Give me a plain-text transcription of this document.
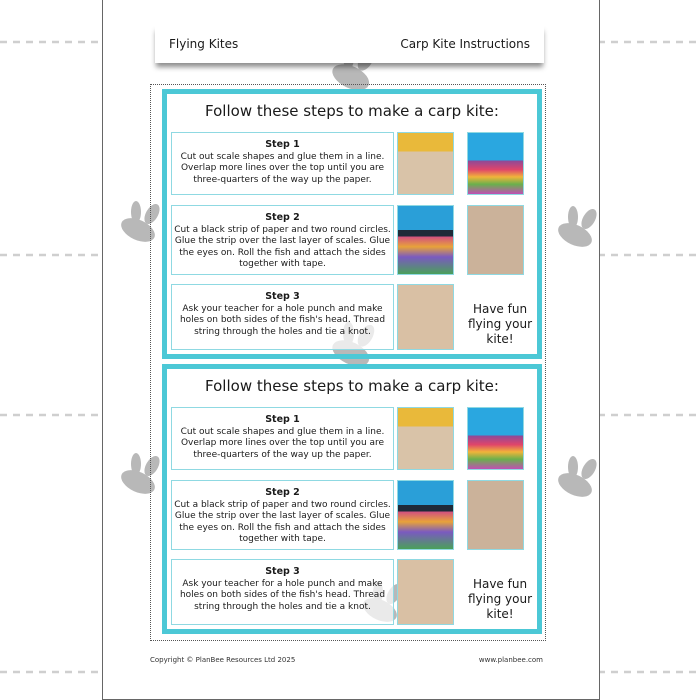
Flying Kites	Carp Kite Instructions
Follow these steps to make a carp kite:
Step 1
Cut out scale shapes and glue them in a line. Overlap more lines over the top until you are three-quarters of the way up the paper.
Step 2
Cut a black strip of paper and two round circles. Glue the strip over the last layer of scales. Glue the eyes on. Roll the fish and attach the sides together with tape.
Step 3
Ask your teacher for a hole punch and make holes on both sides of the fish's head. Thread string through the holes and tie a knot.
Have fun flying your kite!
Follow these steps to make a carp kite:
Step 1
Cut out scale shapes and glue them in a line. Overlap more lines over the top until you are three-quarters of the way up the paper.
Step 2
Cut a black strip of paper and two round circles. Glue the strip over the last layer of scales. Glue the eyes on. Roll the fish and attach the sides together with tape.
Step 3
Ask your teacher for a hole punch and make holes on both sides of the fish's head. Thread string through the holes and tie a knot.
Have fun flying your kite!
Copyright © PlanBee Resources Ltd 2025	www.planbee.com
